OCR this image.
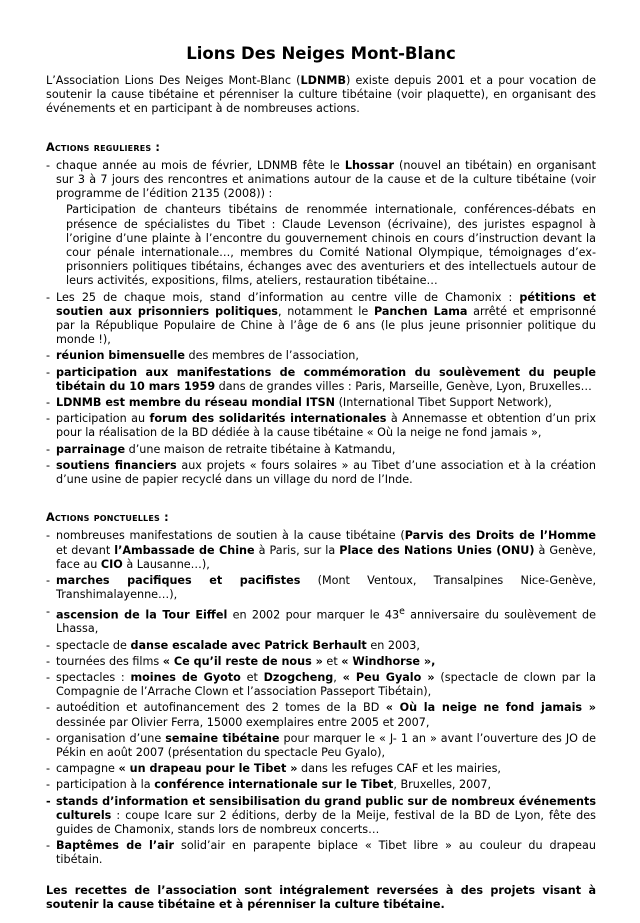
Lions Des Neiges Mont-Blanc

L’Association Lions Des Neiges Mont-Blanc (LDNMB) existe depuis 2001 et a pour vocation de soutenir la cause tibétaine et pérenniser la culture tibétaine (voir plaquette), en organisant des événements et en participant à de nombreuses actions.

Actions regulieres :
- chaque année au mois de février, LDNMB fête le Lhossar (nouvel an tibétain) en organisant sur 3 à 7 jours des rencontres et animations autour de la cause et de la culture tibétaine (voir programme de l’édition 2135 (2008)) :
Participation de chanteurs tibétains de renommée internationale, conférences-débats en présence de spécialistes du Tibet : Claude Levenson (écrivaine), des juristes espagnol à l’origine d’une plainte à l’encontre du gouvernement chinois en cours d’instruction devant la cour pénale internationale…, membres du Comité National Olympique, témoignages d’ex-prisonniers politiques tibétains, échanges avec des aventuriers et des intellectuels autour de leurs activités, expositions, films, ateliers, restauration tibétaine…
- Les 25 de chaque mois, stand d’information au centre ville de Chamonix : pétitions et soutien aux prisonniers politiques, notamment le Panchen Lama arrêté et emprisonné par la République Populaire de Chine à l’âge de 6 ans (le plus jeune prisonnier politique du monde !),
- réunion bimensuelle des membres de l’association,
- participation aux manifestations de commémoration du soulèvement du peuple tibétain du 10 mars 1959 dans de grandes villes : Paris, Marseille, Genève, Lyon, Bruxelles…
- LDNMB est membre du réseau mondial ITSN (International Tibet Support Network),
- participation au forum des solidarités internationales à Annemasse et obtention d’un prix pour la réalisation de la BD dédiée à la cause tibétaine « Où la neige ne fond jamais »,
- parrainage d’une maison de retraite tibétaine à Katmandu,
- soutiens financiers aux projets « fours solaires » au Tibet d’une association et à la création d’une usine de papier recyclé dans un village du nord de l’Inde.
Actions ponctuelles :
- nombreuses manifestations de soutien à la cause tibétaine (Parvis des Droits de l’Homme et devant l’Ambassade de Chine à Paris, sur la Place des Nations Unies (ONU) à Genève, face au CIO à Lausanne…),
- marches pacifiques et pacifistes (Mont Ventoux, Transalpines Nice-Genève, Transhimalayenne…),
- ascension de la Tour Eiffel en 2002 pour marquer le 43e anniversaire du soulèvement de Lhassa,
- spectacle de danse escalade avec Patrick Berhault en 2003,
- tournées des films « Ce qu’il reste de nous » et « Windhorse »,
- spectacles : moines de Gyoto et Dzogcheng, « Peu Gyalo » (spectacle de clown par la Compagnie de l’Arrache Clown et l’association Passeport Tibétain),
- autoédition et autofinancement des 2 tomes de la BD « Où la neige ne fond jamais » dessinée par Olivier Ferra, 15000 exemplaires entre 2005 et 2007,
- organisation d’une semaine tibétaine pour marquer le « J- 1 an » avant l’ouverture des JO de Pékin en août 2007 (présentation du spectacle Peu Gyalo),
- campagne « un drapeau pour le Tibet » dans les refuges CAF et les mairies,
- participation à la conférence internationale sur le Tibet, Bruxelles, 2007,
- stands d’information et sensibilisation du grand public sur de nombreux événements culturels : coupe Icare sur 2 éditions, derby de la Meije, festival de la BD de Lyon, fête des guides de Chamonix, stands lors de nombreux concerts…
- Baptêmes de l’air solid’air en parapente biplace « Tibet libre » au couleur du drapeau tibétain.

Les recettes de l’association sont intégralement reversées à des projets visant à soutenir la cause tibétaine et à pérenniser la culture tibétaine.
